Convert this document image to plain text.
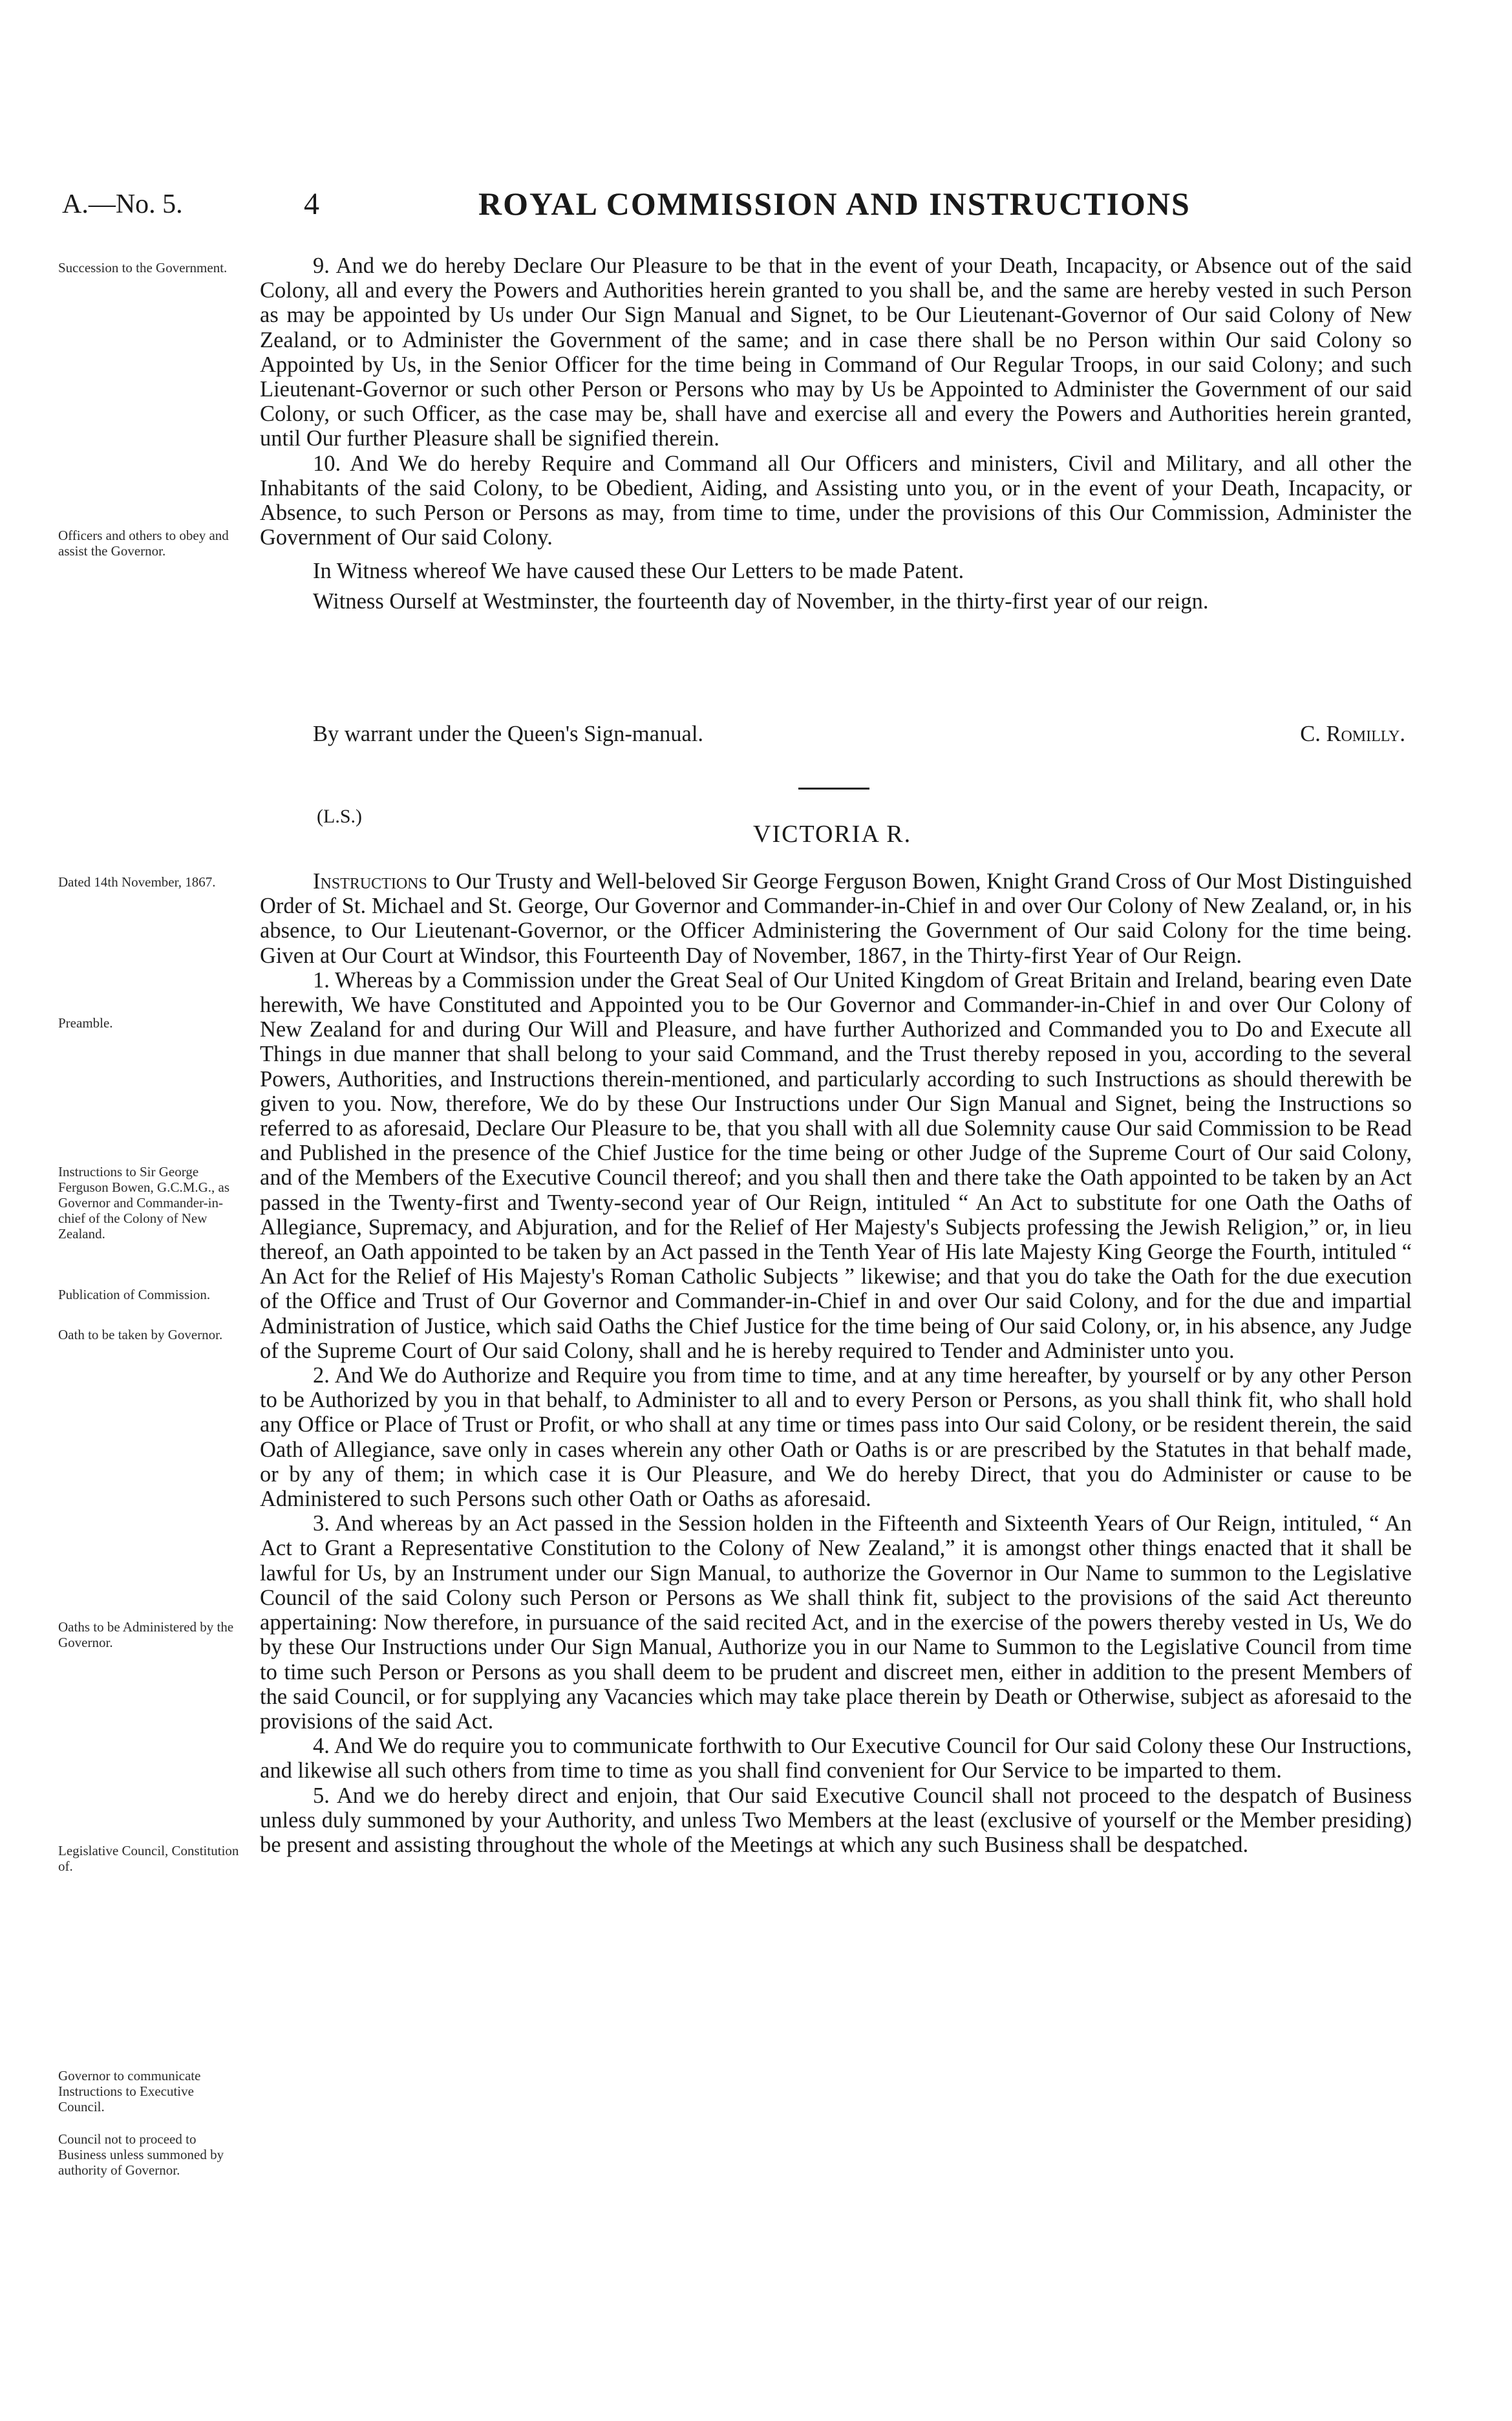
A.—No. 5.	4	ROYAL COMMISSION AND INSTRUCTIONS

9. And we do hereby Declare Our Pleasure to be that in the event of your Death, Incapacity, or Absence out of the said Colony, all and every the Powers and Authorities herein granted to you shall be, and the same are hereby vested in such Person as may be appointed by Us under Our Sign Manual and Signet, to be Our Lieutenant-Governor of Our said Colony of New Zealand, or to Administer the Government of the same; and in case there shall be no Person within Our said Colony so Appointed by Us, in the Senior Officer for the time being in Command of Our Regular Troops, in our said Colony; and such Lieutenant-Governor or such other Person or Persons who may by Us be Appointed to Administer the Government of our said Colony, or such Officer, as the case may be, shall have and exercise all and every the Powers and Authorities herein granted, until Our further Pleasure shall be signified therein.

10. And We do hereby Require and Command all Our Officers and ministers, Civil and Military, and all other the Inhabitants of the said Colony, to be Obedient, Aiding, and Assisting unto you, or in the event of your Death, Incapacity, or Absence, to such Person or Persons as may, from time to time, under the provisions of this Our Commission, Administer the Government of Our said Colony.

In Witness whereof We have caused these Our Letters to be made Patent.

Witness Ourself at Westminster, the fourteenth day of November, in the thirty-first year of our reign.

By warrant under the Queen's Sign-manual.	C. Romilly.
(L.S.)
VICTORIA R.

Instructions to Our Trusty and Well-beloved Sir George Ferguson Bowen, Knight Grand Cross of Our Most Distinguished Order of St. Michael and St. George, Our Governor and Commander-in-Chief in and over Our Colony of New Zealand, or, in his absence, to Our Lieutenant-Governor, or the Officer Administering the Government of Our said Colony for the time being. Given at Our Court at Windsor, this Fourteenth Day of November, 1867, in the Thirty-first Year of Our Reign.

1. Whereas by a Commission under the Great Seal of Our United Kingdom of Great Britain and Ireland, bearing even Date herewith, We have Constituted and Appointed you to be Our Governor and Commander-in-Chief in and over Our Colony of New Zealand for and during Our Will and Pleasure, and have further Authorized and Commanded you to Do and Execute all Things in due manner that shall belong to your said Command, and the Trust thereby reposed in you, according to the several Powers, Authorities, and Instructions therein-mentioned, and particularly according to such Instructions as should therewith be given to you. Now, therefore, We do by these Our Instructions under Our Sign Manual and Signet, being the Instructions so referred to as aforesaid, Declare Our Pleasure to be, that you shall with all due Solemnity cause Our said Commission to be Read and Published in the presence of the Chief Justice for the time being or other Judge of the Supreme Court of Our said Colony, and of the Members of the Executive Council thereof; and you shall then and there take the Oath appointed to be taken by an Act passed in the Twenty-first and Twenty-second year of Our Reign, intituled “ An Act to substitute for one Oath the Oaths of Allegiance, Supremacy, and Abjuration, and for the Relief of Her Majesty's Subjects professing the Jewish Religion,” or, in lieu thereof, an Oath appointed to be taken by an Act passed in the Tenth Year of His late Majesty King George the Fourth, intituled “ An Act for the Relief of His Majesty's Roman Catholic Subjects ” likewise; and that you do take the Oath for the due execution of the Office and Trust of Our Governor and Commander-in-Chief in and over Our said Colony, and for the due and impartial Administration of Justice, which said Oaths the Chief Justice for the time being of Our said Colony, or, in his absence, any Judge of the Supreme Court of Our said Colony, shall and he is hereby required to Tender and Administer unto you.

2. And We do Authorize and Require you from time to time, and at any time hereafter, by yourself or by any other Person to be Authorized by you in that behalf, to Administer to all and to every Person or Persons, as you shall think fit, who shall hold any Office or Place of Trust or Profit, or who shall at any time or times pass into Our said Colony, or be resident therein, the said Oath of Allegiance, save only in cases wherein any other Oath or Oaths is or are prescribed by the Statutes in that behalf made, or by any of them; in which case it is Our Pleasure, and We do hereby Direct, that you do Administer or cause to be Administered to such Persons such other Oath or Oaths as aforesaid.

3. And whereas by an Act passed in the Session holden in the Fifteenth and Sixteenth Years of Our Reign, intituled, “ An Act to Grant a Representative Constitution to the Colony of New Zealand,” it is amongst other things enacted that it shall be lawful for Us, by an Instrument under our Sign Manual, to authorize the Governor in Our Name to summon to the Legislative Council of the said Colony such Person or Persons as We shall think fit, subject to the provisions of the said Act thereunto appertaining: Now therefore, in pursuance of the said recited Act, and in the exercise of the powers thereby vested in Us, We do by these Our Instructions under Our Sign Manual, Authorize you in our Name to Summon to the Legislative Council from time to time such Person or Persons as you shall deem to be prudent and discreet men, either in addition to the present Members of the said Council, or for supplying any Vacancies which may take place therein by Death or Otherwise, subject as aforesaid to the provisions of the said Act.

4. And We do require you to communicate forthwith to Our Executive Council for Our said Colony these Our Instructions, and likewise all such others from time to time as you shall find convenient for Our Service to be imparted to them.

5. And we do hereby direct and enjoin, that Our said Executive Council shall not proceed to the despatch of Business unless duly summoned by your Authority, and unless Two Members at the least (exclusive of yourself or the Member presiding) be present and assisting throughout the whole of the Meetings at which any such Business shall be despatched.

Succession to the Government.
Officers and others to obey and assist the Governor.
Dated 14th November, 1867.
Preamble.
Instructions to Sir George Ferguson Bowen, G.C.M.G., as Governor and Commander-in-chief of the Colony of New Zealand.
Publication of Commission.
Oath to be taken by Governor.
Oaths to be Administered by the Governor.
Legislative Council, Constitution of.
Governor to communicate Instructions to Executive Council.
Council not to proceed to Business unless summoned by authority of Governor.
